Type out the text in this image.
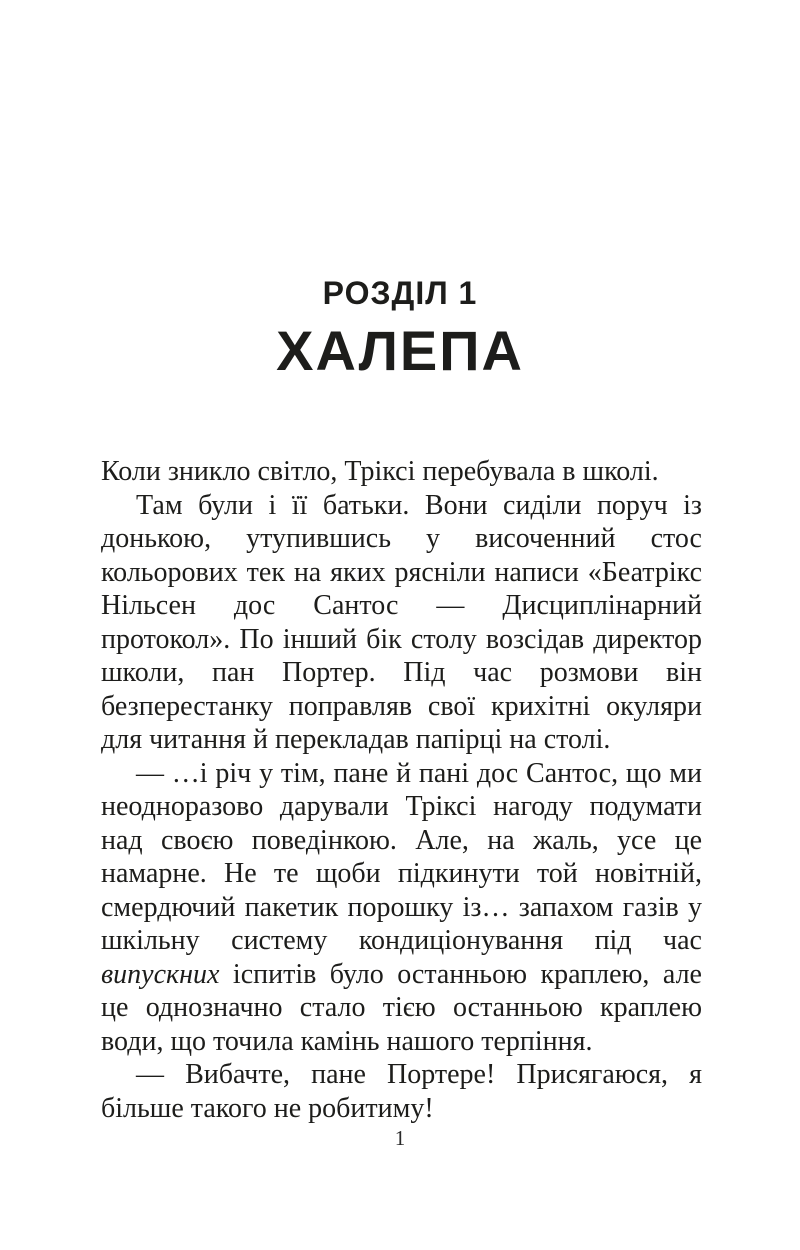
РОЗДІЛ 1
ХАЛЕПА

Коли зникло світло, Тріксі перебувала в школі.

Там були і її батьки. Вони сиділи поруч із донькою, утупившись у височенний стос кольорових тек на яких рясніли написи «Беатрікс Нільсен дос Сантос — Дисциплінарний протокол». По інший бік столу возсідав директор школи, пан Портер. Під час розмови він безперестанку поправляв свої крихітні окуляри для читання й перекладав папірці на столі.

— …і річ у тім, пане й пані дос Сантос, що ми неодноразово дарували Тріксі нагоду подумати над своєю поведінкою. Але, на жаль, усе це намарне. Не те щоби підкинути той новітній, смердючий пакетик порошку із… запахом газів у шкільну систему кондиціонування під час випускних іспитів було останньою краплею, але це однозначно стало тією останньою краплею води, що точила камінь нашого терпіння.

— Вибачте, пане Портере! Присягаюся, я більше такого не робитиму!

1
